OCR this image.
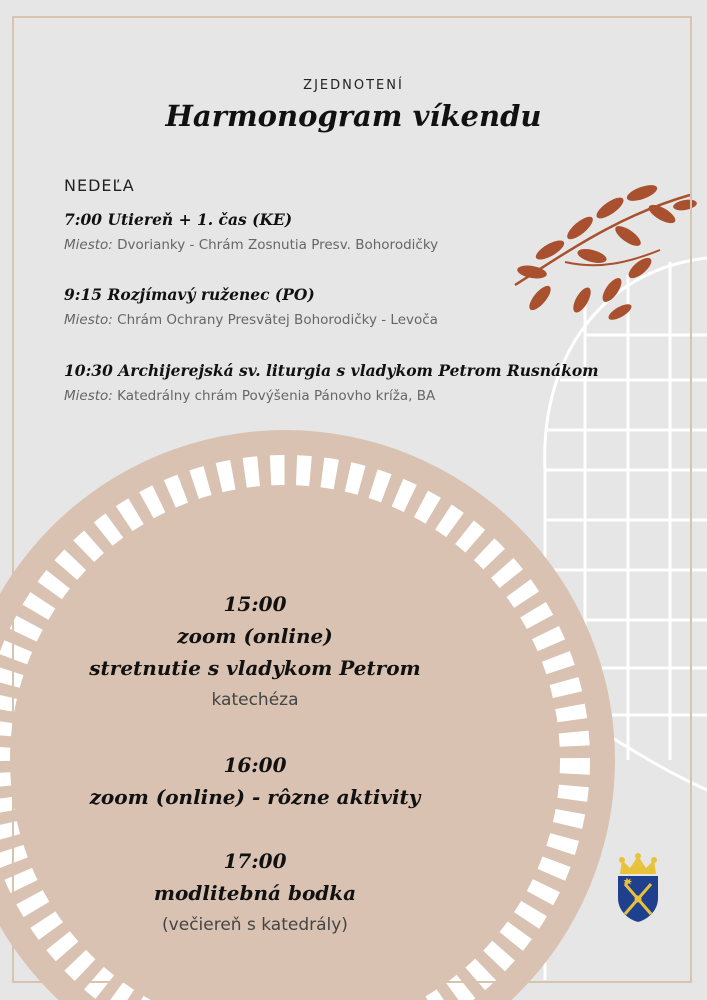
ZJEDNOTENÍ
Harmonogram víkendu
NEDEĽA
7:00 Utiereň + 1. čas (KE)
Miesto: Dvorianky - Chrám Zosnutia Presv. Bohorodičky
9:15 Rozjímavý ruženec (PO)
Miesto: Chrám Ochrany Presvätej Bohorodičky - Levoča
10:30 Archijerejská sv. liturgia s vladykom Petrom Rusnákom
Miesto: Katedrálny chrám Povýšenia Pánovho kríža, BA
15:00
zoom (online)
stretnutie s vladykom Petrom
katechéza
16:00
zoom (online) - rôzne aktivity
17:00
modlitebná bodka
(večiereň s katedrály)
